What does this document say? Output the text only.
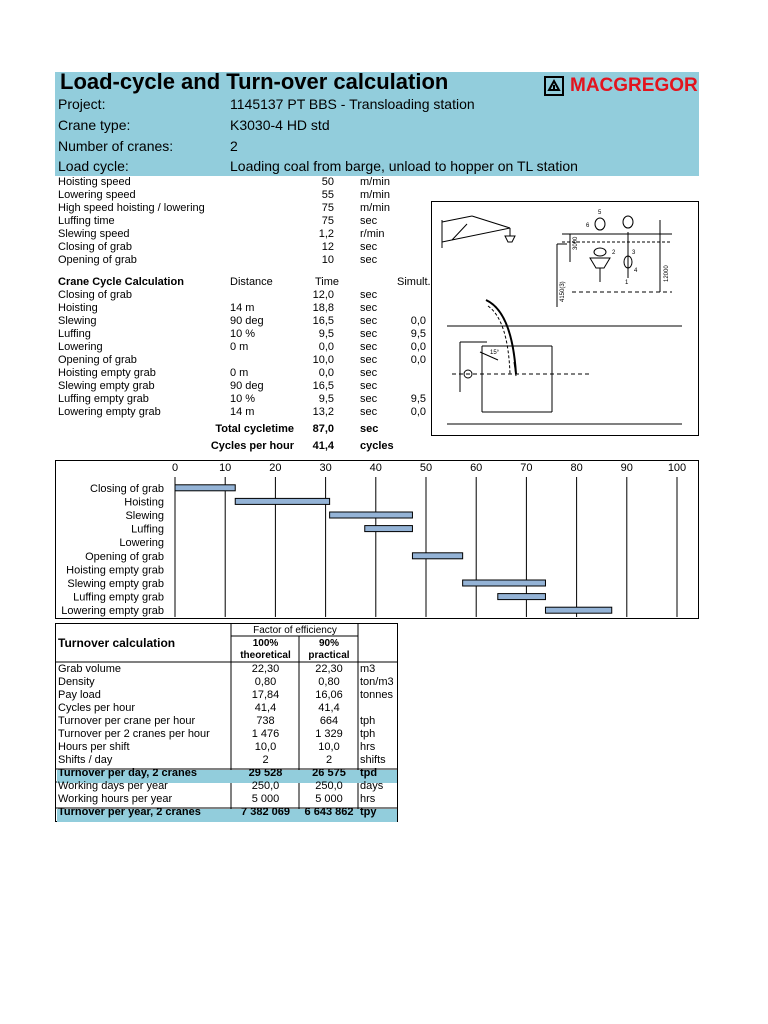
Load-cycle and Turn-over calculation	MACGREGOR
Project:	1145137 PT BBS - Transloading station
Crane type:	K3030-4 HD std
Number of cranes:	2
Load cycle:	Loading coal from barge, unload to hopper on TL station
Hoisting speed	50 m/min
Lowering speed	55 m/min
High speed hoisting / lowering	75 m/min
Luffing time	75 sec
Slewing speed	1,2 r/min
Closing of grab	12 sec
Opening of grab	10 sec
Crane Cycle Calculation	Distance	Time	Simult.
Closing of grab	12,0 sec
Hoisting	14 m	18,8 sec
Slewing	90 deg	16,5 sec	0,0
Luffing	10 %	9,5 sec	9,5
Lowering	0 m	0,0 sec	0,0
Opening of grab	10,0 sec	0,0
Hoisting empty grab	0 m	0,0 sec
Slewing empty grab	90 deg	16,5 sec
Luffing empty grab	10 %	9,5 sec	9,5
Lowering empty grab	14 m	13,2 sec	0,0
Total cycletime	87,0 sec
Cycles per hour	41,4 cycles
5
6
2	3
4
1
3000
12000
4150(3)
15°
0	10	20	30	40	50	60	70	80	90	100
Closing of grab
Hoisting
Slewing
Luffing
Lowering
Opening of grab
Hoisting empty grab
Slewing empty grab
Luffing empty grab
Lowering empty grab
Turnover calculation
Factor of efficiency
100%	90%
theoretical	practical
Grab volume	22,30	22,30	m3
Density	0,80	0,80	ton/m3
Pay load	17,84	16,06	tonnes
Cycles per hour	41,4	41,4
Turnover per crane per hour	738	664	tph
Turnover per 2 cranes per hour	1 476	1 329	tph
Hours per shift	10,0	10,0	hrs
Shifts / day	2	2	shifts
Turnover per day, 2 cranes	29 528	26 575	tpd
Working days per year	250,0	250,0	days
Working hours per year	5 000	5 000	hrs
Turnover per year, 2 cranes	7 382 069	6 643 862 tpy
